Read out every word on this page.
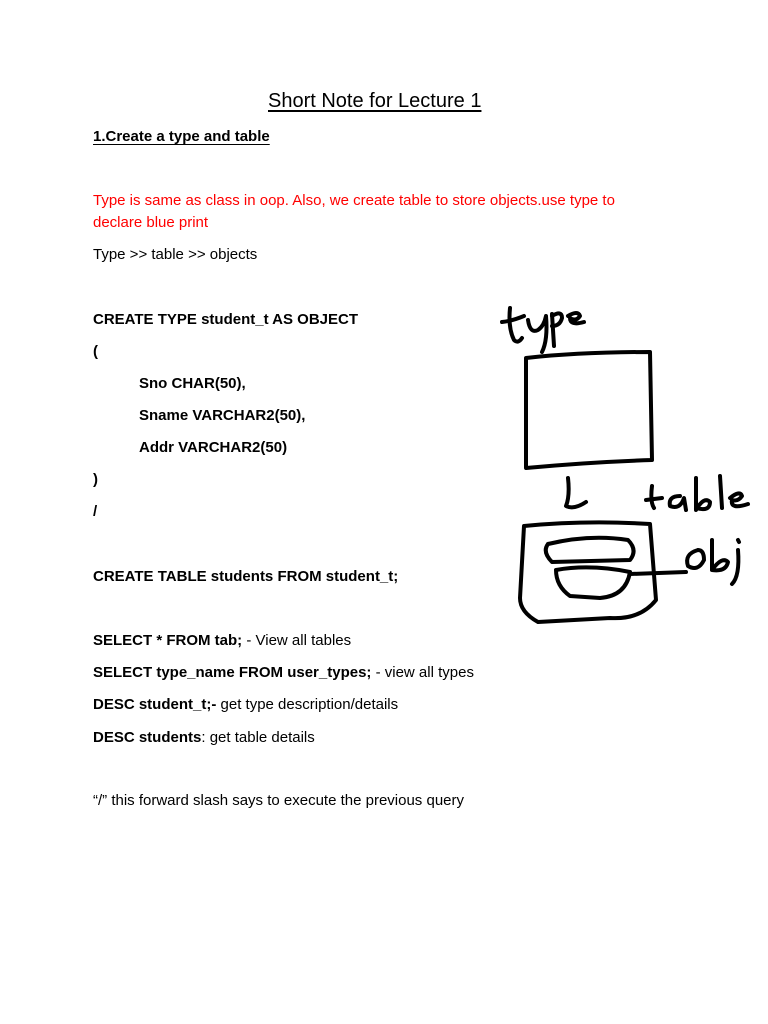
Short Note for Lecture 1
1.Create a type and table
Type is same as class in oop. Also, we create table to store objects.use type to
declare blue print
Type >> table >> objects
CREATE TYPE student_t AS OBJECT
(
Sno CHAR(50),
Sname VARCHAR2(50),
Addr VARCHAR2(50)
)
/
CREATE TABLE students FROM student_t;
SELECT * FROM tab; - View all tables
SELECT type_name FROM user_types; - view all types
DESC student_t;- get type description/details
DESC students: get table details
“/” this forward slash says to execute the previous query
